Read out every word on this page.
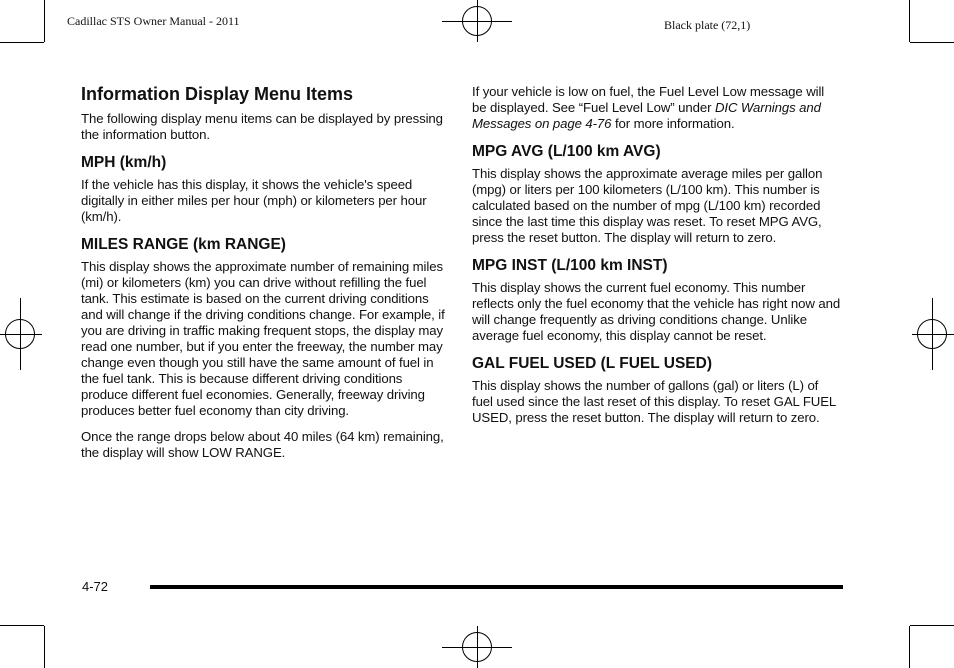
Cadillac STS Owner Manual - 2011	Black plate (72,1)
Information Display Menu Items

The following display menu items can be displayed by pressing the information button.

MPH (km/h)

If the vehicle has this display, it shows the vehicle's speed digitally in either miles per hour (mph) or kilometers per hour (km/h).

MILES RANGE (km RANGE)

This display shows the approximate number of remaining miles (mi) or kilometers (km) you can drive without refilling the fuel tank. This estimate is based on the current driving conditions and will change if the driving conditions change. For example, if you are driving in traffic making frequent stops, the display may read one number, but if you enter the freeway, the number may change even though you still have the same amount of fuel in the fuel tank. This is because different driving conditions produce different fuel economies. Generally, freeway driving produces better fuel economy than city driving.

Once the range drops below about 40 miles (64 km) remaining, the display will show LOW RANGE.

If your vehicle is low on fuel, the Fuel Level Low message will be displayed. See “Fuel Level Low” under DIC Warnings and Messages on page 4-76 for more information.

MPG AVG (L/100 km AVG)

This display shows the approximate average miles per gallon (mpg) or liters per 100 kilometers (L/100 km). This number is calculated based on the number of mpg (L/100 km) recorded since the last time this display was reset. To reset MPG AVG, press the reset button. The display will return to zero.

MPG INST (L/100 km INST)

This display shows the current fuel economy. This number reflects only the fuel economy that the vehicle has right now and will change frequently as driving conditions change. Unlike average fuel economy, this display cannot be reset.

GAL FUEL USED (L FUEL USED)

This display shows the number of gallons (gal) or liters (L) of fuel used since the last reset of this display. To reset GAL FUEL USED, press the reset button. The display will return to zero.

4-72
